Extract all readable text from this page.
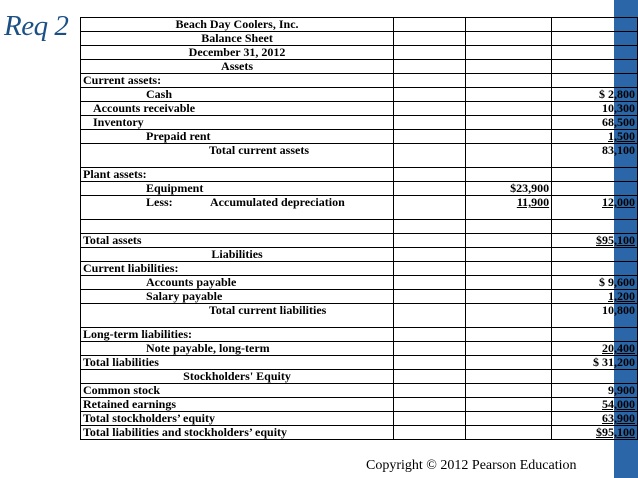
Req 2	Beach Day Coolers, Inc.			
Balance Sheet			
December 31, 2012			
Assets			
Current assets:			
Cash			$ 2,800
Accounts receivable			10,300
Inventory			68,500
Prepaid rent			1,500
Total current assets			83,100
Plant assets:			
Equipment		$23,900	
Less: Accumulated depreciation		11,900	12,000

Total assets			$95,100
Liabilities			
Current liabilities:			
Accounts payable			$ 9,600
Salary payable			1,200
Total current liabilities			10,800
Long-term liabilities:			
Note payable, long-term			20,400
Total liabilities			$ 31,200
Stockholders' Equity			
Common stock			9,900
Retained earnings			54,000
Total stockholders’ equity			63,900
Total liabilities and stockholders’ equity			$95,100
Copyright © 2012 Pearson Education
